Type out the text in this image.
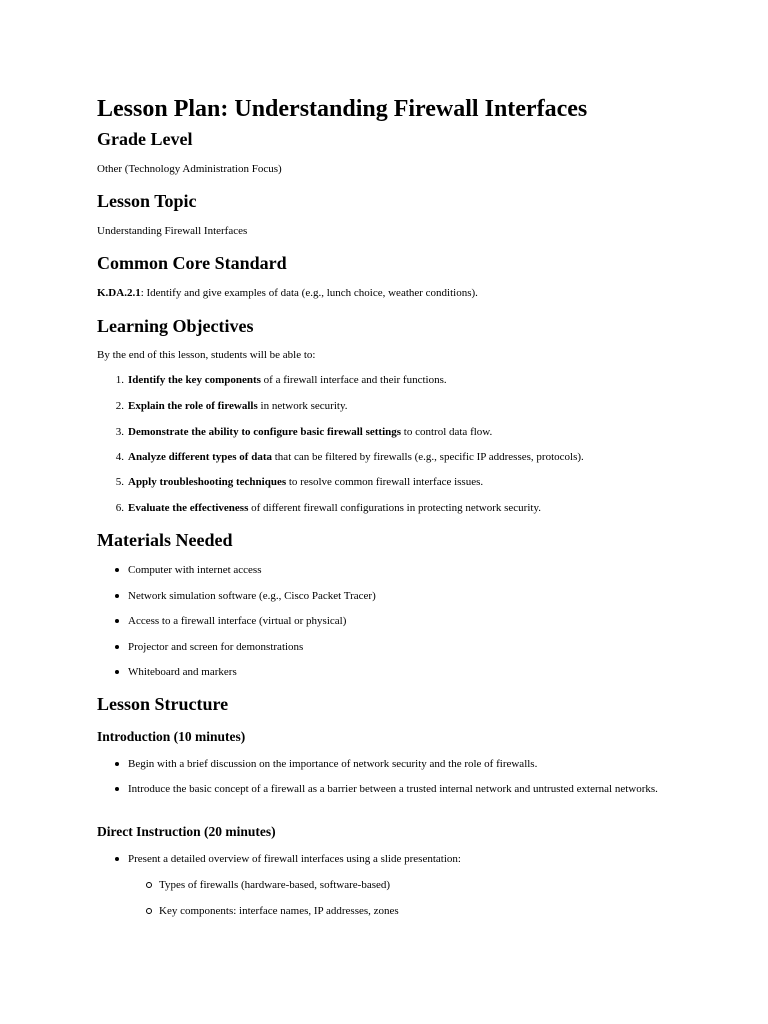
Lesson Plan: Understanding Firewall Interfaces
Grade Level

Other (Technology Administration Focus)

Lesson Topic

Understanding Firewall Interfaces

Common Core Standard

K.DA.2.1: Identify and give examples of data (e.g., lunch choice, weather conditions).

Learning Objectives

By the end of this lesson, students will be able to:

1. Identify the key components of a firewall interface and their functions.
2. Explain the role of firewalls in network security.
3. Demonstrate the ability to configure basic firewall settings to control data flow.
4. Analyze different types of data that can be filtered by firewalls (e.g., specific IP addresses, protocols).
5. Apply troubleshooting techniques to resolve common firewall interface issues.
6. Evaluate the effectiveness of different firewall configurations in protecting network security.
Materials Needed
Computer with internet access
Network simulation software (e.g., Cisco Packet Tracer)
Access to a firewall interface (virtual or physical)
Projector and screen for demonstrations
Whiteboard and markers
Lesson Structure
Introduction (10 minutes)
Begin with a brief discussion on the importance of network security and the role of firewalls.
Introduce the basic concept of a firewall as a barrier between a trusted internal network and untrusted external networks.
Direct Instruction (20 minutes)
Present a detailed overview of firewall interfaces using a slide presentation:
Types of firewalls (hardware-based, software-based)
Key components: interface names, IP addresses, zones
